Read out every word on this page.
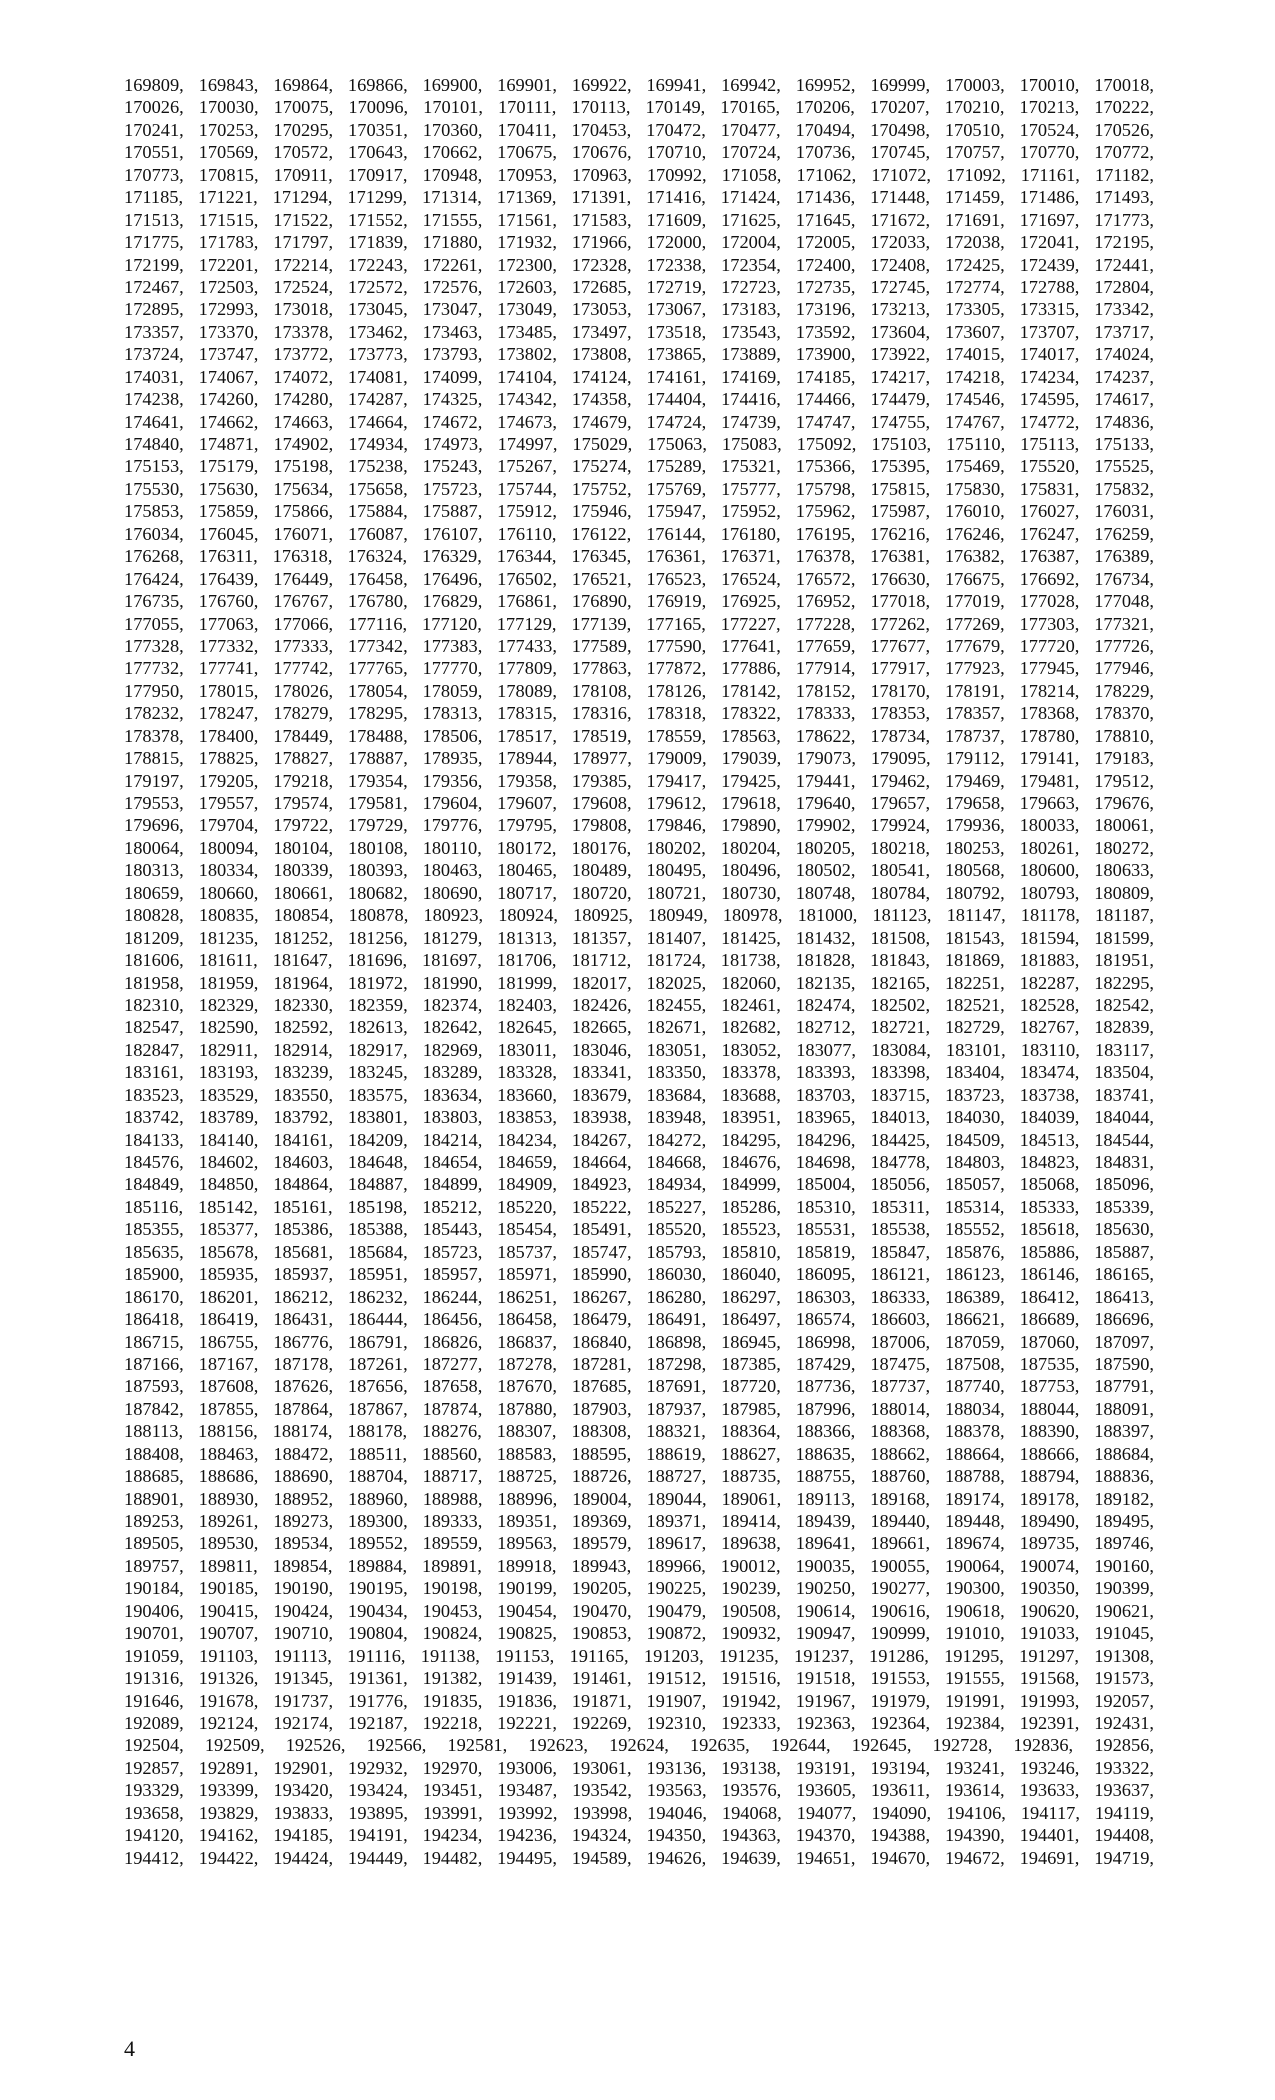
169809, 169843, 169864, 169866, 169900, 169901, 169922, 169941, 169942, 169952, 169999, 170003, 170010, 170018,
170026, 170030, 170075, 170096, 170101, 170111, 170113, 170149, 170165, 170206, 170207, 170210, 170213, 170222,
170241, 170253, 170295, 170351, 170360, 170411, 170453, 170472, 170477, 170494, 170498, 170510, 170524, 170526,
170551, 170569, 170572, 170643, 170662, 170675, 170676, 170710, 170724, 170736, 170745, 170757, 170770, 170772,
170773, 170815, 170911, 170917, 170948, 170953, 170963, 170992, 171058, 171062, 171072, 171092, 171161, 171182,
171185, 171221, 171294, 171299, 171314, 171369, 171391, 171416, 171424, 171436, 171448, 171459, 171486, 171493,
171513, 171515, 171522, 171552, 171555, 171561, 171583, 171609, 171625, 171645, 171672, 171691, 171697, 171773,
171775, 171783, 171797, 171839, 171880, 171932, 171966, 172000, 172004, 172005, 172033, 172038, 172041, 172195,
172199, 172201, 172214, 172243, 172261, 172300, 172328, 172338, 172354, 172400, 172408, 172425, 172439, 172441,
172467, 172503, 172524, 172572, 172576, 172603, 172685, 172719, 172723, 172735, 172745, 172774, 172788, 172804,
172895, 172993, 173018, 173045, 173047, 173049, 173053, 173067, 173183, 173196, 173213, 173305, 173315, 173342,
173357, 173370, 173378, 173462, 173463, 173485, 173497, 173518, 173543, 173592, 173604, 173607, 173707, 173717,
173724, 173747, 173772, 173773, 173793, 173802, 173808, 173865, 173889, 173900, 173922, 174015, 174017, 174024,
174031, 174067, 174072, 174081, 174099, 174104, 174124, 174161, 174169, 174185, 174217, 174218, 174234, 174237,
174238, 174260, 174280, 174287, 174325, 174342, 174358, 174404, 174416, 174466, 174479, 174546, 174595, 174617,
174641, 174662, 174663, 174664, 174672, 174673, 174679, 174724, 174739, 174747, 174755, 174767, 174772, 174836,
174840, 174871, 174902, 174934, 174973, 174997, 175029, 175063, 175083, 175092, 175103, 175110, 175113, 175133,
175153, 175179, 175198, 175238, 175243, 175267, 175274, 175289, 175321, 175366, 175395, 175469, 175520, 175525,
175530, 175630, 175634, 175658, 175723, 175744, 175752, 175769, 175777, 175798, 175815, 175830, 175831, 175832,
175853, 175859, 175866, 175884, 175887, 175912, 175946, 175947, 175952, 175962, 175987, 176010, 176027, 176031,
176034, 176045, 176071, 176087, 176107, 176110, 176122, 176144, 176180, 176195, 176216, 176246, 176247, 176259,
176268, 176311, 176318, 176324, 176329, 176344, 176345, 176361, 176371, 176378, 176381, 176382, 176387, 176389,
176424, 176439, 176449, 176458, 176496, 176502, 176521, 176523, 176524, 176572, 176630, 176675, 176692, 176734,
176735, 176760, 176767, 176780, 176829, 176861, 176890, 176919, 176925, 176952, 177018, 177019, 177028, 177048,
177055, 177063, 177066, 177116, 177120, 177129, 177139, 177165, 177227, 177228, 177262, 177269, 177303, 177321,
177328, 177332, 177333, 177342, 177383, 177433, 177589, 177590, 177641, 177659, 177677, 177679, 177720, 177726,
177732, 177741, 177742, 177765, 177770, 177809, 177863, 177872, 177886, 177914, 177917, 177923, 177945, 177946,
177950, 178015, 178026, 178054, 178059, 178089, 178108, 178126, 178142, 178152, 178170, 178191, 178214, 178229,
178232, 178247, 178279, 178295, 178313, 178315, 178316, 178318, 178322, 178333, 178353, 178357, 178368, 178370,
178378, 178400, 178449, 178488, 178506, 178517, 178519, 178559, 178563, 178622, 178734, 178737, 178780, 178810,
178815, 178825, 178827, 178887, 178935, 178944, 178977, 179009, 179039, 179073, 179095, 179112, 179141, 179183,
179197, 179205, 179218, 179354, 179356, 179358, 179385, 179417, 179425, 179441, 179462, 179469, 179481, 179512,
179553, 179557, 179574, 179581, 179604, 179607, 179608, 179612, 179618, 179640, 179657, 179658, 179663, 179676,
179696, 179704, 179722, 179729, 179776, 179795, 179808, 179846, 179890, 179902, 179924, 179936, 180033, 180061,
180064, 180094, 180104, 180108, 180110, 180172, 180176, 180202, 180204, 180205, 180218, 180253, 180261, 180272,
180313, 180334, 180339, 180393, 180463, 180465, 180489, 180495, 180496, 180502, 180541, 180568, 180600, 180633,
180659, 180660, 180661, 180682, 180690, 180717, 180720, 180721, 180730, 180748, 180784, 180792, 180793, 180809,
180828, 180835, 180854, 180878, 180923, 180924, 180925, 180949, 180978, 181000, 181123, 181147, 181178, 181187,
181209, 181235, 181252, 181256, 181279, 181313, 181357, 181407, 181425, 181432, 181508, 181543, 181594, 181599,
181606, 181611, 181647, 181696, 181697, 181706, 181712, 181724, 181738, 181828, 181843, 181869, 181883, 181951,
181958, 181959, 181964, 181972, 181990, 181999, 182017, 182025, 182060, 182135, 182165, 182251, 182287, 182295,
182310, 182329, 182330, 182359, 182374, 182403, 182426, 182455, 182461, 182474, 182502, 182521, 182528, 182542,
182547, 182590, 182592, 182613, 182642, 182645, 182665, 182671, 182682, 182712, 182721, 182729, 182767, 182839,
182847, 182911, 182914, 182917, 182969, 183011, 183046, 183051, 183052, 183077, 183084, 183101, 183110, 183117,
183161, 183193, 183239, 183245, 183289, 183328, 183341, 183350, 183378, 183393, 183398, 183404, 183474, 183504,
183523, 183529, 183550, 183575, 183634, 183660, 183679, 183684, 183688, 183703, 183715, 183723, 183738, 183741,
183742, 183789, 183792, 183801, 183803, 183853, 183938, 183948, 183951, 183965, 184013, 184030, 184039, 184044,
184133, 184140, 184161, 184209, 184214, 184234, 184267, 184272, 184295, 184296, 184425, 184509, 184513, 184544,
184576, 184602, 184603, 184648, 184654, 184659, 184664, 184668, 184676, 184698, 184778, 184803, 184823, 184831,
184849, 184850, 184864, 184887, 184899, 184909, 184923, 184934, 184999, 185004, 185056, 185057, 185068, 185096,
185116, 185142, 185161, 185198, 185212, 185220, 185222, 185227, 185286, 185310, 185311, 185314, 185333, 185339,
185355, 185377, 185386, 185388, 185443, 185454, 185491, 185520, 185523, 185531, 185538, 185552, 185618, 185630,
185635, 185678, 185681, 185684, 185723, 185737, 185747, 185793, 185810, 185819, 185847, 185876, 185886, 185887,
185900, 185935, 185937, 185951, 185957, 185971, 185990, 186030, 186040, 186095, 186121, 186123, 186146, 186165,
186170, 186201, 186212, 186232, 186244, 186251, 186267, 186280, 186297, 186303, 186333, 186389, 186412, 186413,
186418, 186419, 186431, 186444, 186456, 186458, 186479, 186491, 186497, 186574, 186603, 186621, 186689, 186696,
186715, 186755, 186776, 186791, 186826, 186837, 186840, 186898, 186945, 186998, 187006, 187059, 187060, 187097,
187166, 187167, 187178, 187261, 187277, 187278, 187281, 187298, 187385, 187429, 187475, 187508, 187535, 187590,
187593, 187608, 187626, 187656, 187658, 187670, 187685, 187691, 187720, 187736, 187737, 187740, 187753, 187791,
187842, 187855, 187864, 187867, 187874, 187880, 187903, 187937, 187985, 187996, 188014, 188034, 188044, 188091,
188113, 188156, 188174, 188178, 188276, 188307, 188308, 188321, 188364, 188366, 188368, 188378, 188390, 188397,
188408, 188463, 188472, 188511, 188560, 188583, 188595, 188619, 188627, 188635, 188662, 188664, 188666, 188684,
188685, 188686, 188690, 188704, 188717, 188725, 188726, 188727, 188735, 188755, 188760, 188788, 188794, 188836,
188901, 188930, 188952, 188960, 188988, 188996, 189004, 189044, 189061, 189113, 189168, 189174, 189178, 189182,
189253, 189261, 189273, 189300, 189333, 189351, 189369, 189371, 189414, 189439, 189440, 189448, 189490, 189495,
189505, 189530, 189534, 189552, 189559, 189563, 189579, 189617, 189638, 189641, 189661, 189674, 189735, 189746,
189757, 189811, 189854, 189884, 189891, 189918, 189943, 189966, 190012, 190035, 190055, 190064, 190074, 190160,
190184, 190185, 190190, 190195, 190198, 190199, 190205, 190225, 190239, 190250, 190277, 190300, 190350, 190399,
190406, 190415, 190424, 190434, 190453, 190454, 190470, 190479, 190508, 190614, 190616, 190618, 190620, 190621,
190701, 190707, 190710, 190804, 190824, 190825, 190853, 190872, 190932, 190947, 190999, 191010, 191033, 191045,
191059, 191103, 191113, 191116, 191138, 191153, 191165, 191203, 191235, 191237, 191286, 191295, 191297, 191308,
191316, 191326, 191345, 191361, 191382, 191439, 191461, 191512, 191516, 191518, 191553, 191555, 191568, 191573,
191646, 191678, 191737, 191776, 191835, 191836, 191871, 191907, 191942, 191967, 191979, 191991, 191993, 192057,
192089, 192124, 192174, 192187, 192218, 192221, 192269, 192310, 192333, 192363, 192364, 192384, 192391, 192431,
192504, 192509, 192526, 192566, 192581, 192623, 192624, 192635, 192644, 192645, 192728, 192836, 192856,
192857, 192891, 192901, 192932, 192970, 193006, 193061, 193136, 193138, 193191, 193194, 193241, 193246, 193322,
193329, 193399, 193420, 193424, 193451, 193487, 193542, 193563, 193576, 193605, 193611, 193614, 193633, 193637,
193658, 193829, 193833, 193895, 193991, 193992, 193998, 194046, 194068, 194077, 194090, 194106, 194117, 194119,
194120, 194162, 194185, 194191, 194234, 194236, 194324, 194350, 194363, 194370, 194388, 194390, 194401, 194408,
194412, 194422, 194424, 194449, 194482, 194495, 194589, 194626, 194639, 194651, 194670, 194672, 194691, 194719,
4
